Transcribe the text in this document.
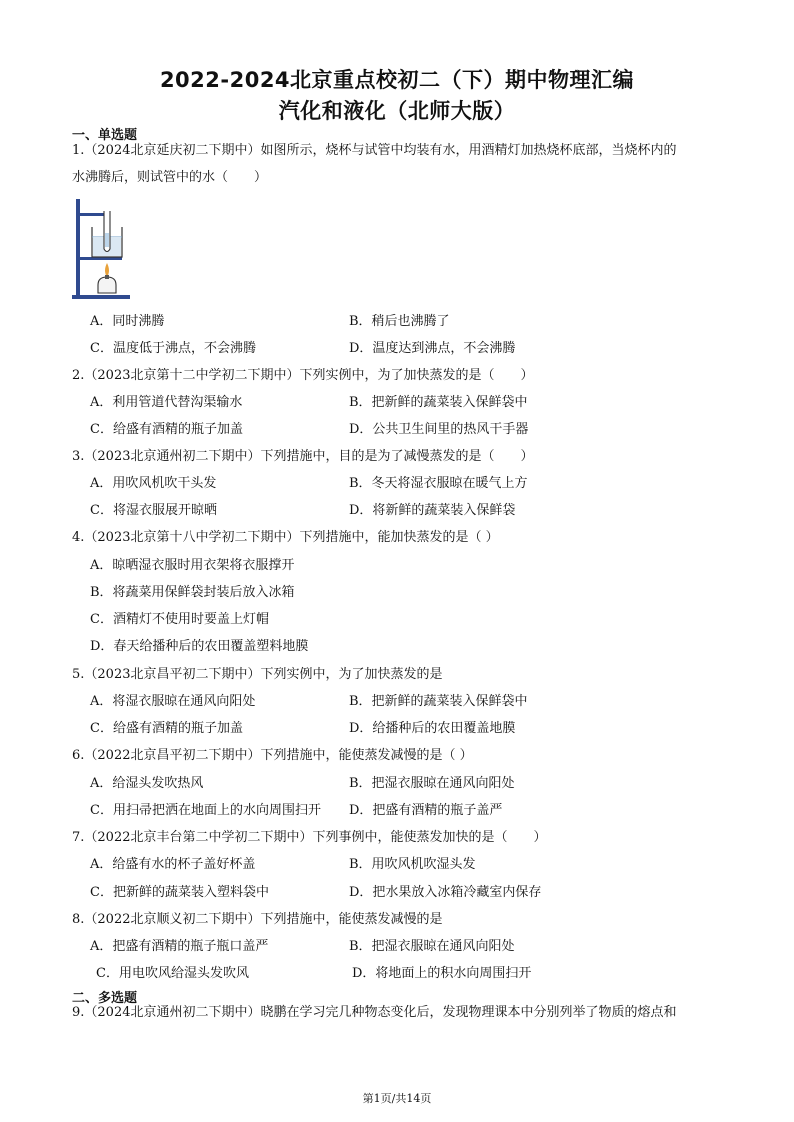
2022-2024北京重点校初二（下）期中物理汇编
汽化和液化（北师大版）
一、单选题
1.（2024北京延庆初二下期中）如图所示，烧杯与试管中均装有水，用酒精灯加热烧杯底部，当烧杯内的
水沸腾后，则试管中的水（　　）
A．同时沸腾	B．稍后也沸腾了
C．温度低于沸点，不会沸腾	D．温度达到沸点，不会沸腾
2.（2023北京第十二中学初二下期中）下列实例中，为了加快蒸发的是（　　）
A．利用管道代替沟渠输水	B．把新鲜的蔬菜装入保鲜袋中
C．给盛有酒精的瓶子加盖	D．公共卫生间里的热风干手器
3.（2023北京通州初二下期中）下列措施中，目的是为了减慢蒸发的是（　　）
A．用吹风机吹干头发	B．冬天将湿衣服晾在暖气上方
C．将湿衣服展开晾晒	D．将新鲜的蔬菜装入保鲜袋
4.（2023北京第十八中学初二下期中）下列措施中，能加快蒸发的是（ ）
A．晾晒湿衣服时用衣架将衣服撑开
B．将蔬菜用保鲜袋封装后放入冰箱
C．酒精灯不使用时要盖上灯帽
D．春天给播种后的农田覆盖塑料地膜
5.（2023北京昌平初二下期中）下列实例中，为了加快蒸发的是
A．将湿衣服晾在通风向阳处	B．把新鲜的蔬菜装入保鲜袋中
C．给盛有酒精的瓶子加盖	D．给播种后的农田覆盖地膜
6.（2022北京昌平初二下期中）下列措施中，能使蒸发减慢的是（ ）
A．给湿头发吹热风	B．把湿衣服晾在通风向阳处
C．用扫帚把洒在地面上的水向周围扫开 D．把盛有酒精的瓶子盖严
7.（2022北京丰台第二中学初二下期中）下列事例中，能使蒸发加快的是（　　）
A．给盛有水的杯子盖好杯盖	B．用吹风机吹湿头发
C．把新鲜的蔬菜装入塑料袋中	D．把水果放入冰箱冷藏室内保存
8.（2022北京顺义初二下期中）下列措施中，能使蒸发减慢的是
A．把盛有酒精的瓶子瓶口盖严	B．把湿衣服晾在通风向阳处
C．用电吹风给湿头发吹风	D．将地面上的积水向周围扫开
二、多选题
9.（2024北京通州初二下期中）晓鹏在学习完几种物态变化后，发现物理课本中分别列举了物质的熔点和
第1页/共14页
